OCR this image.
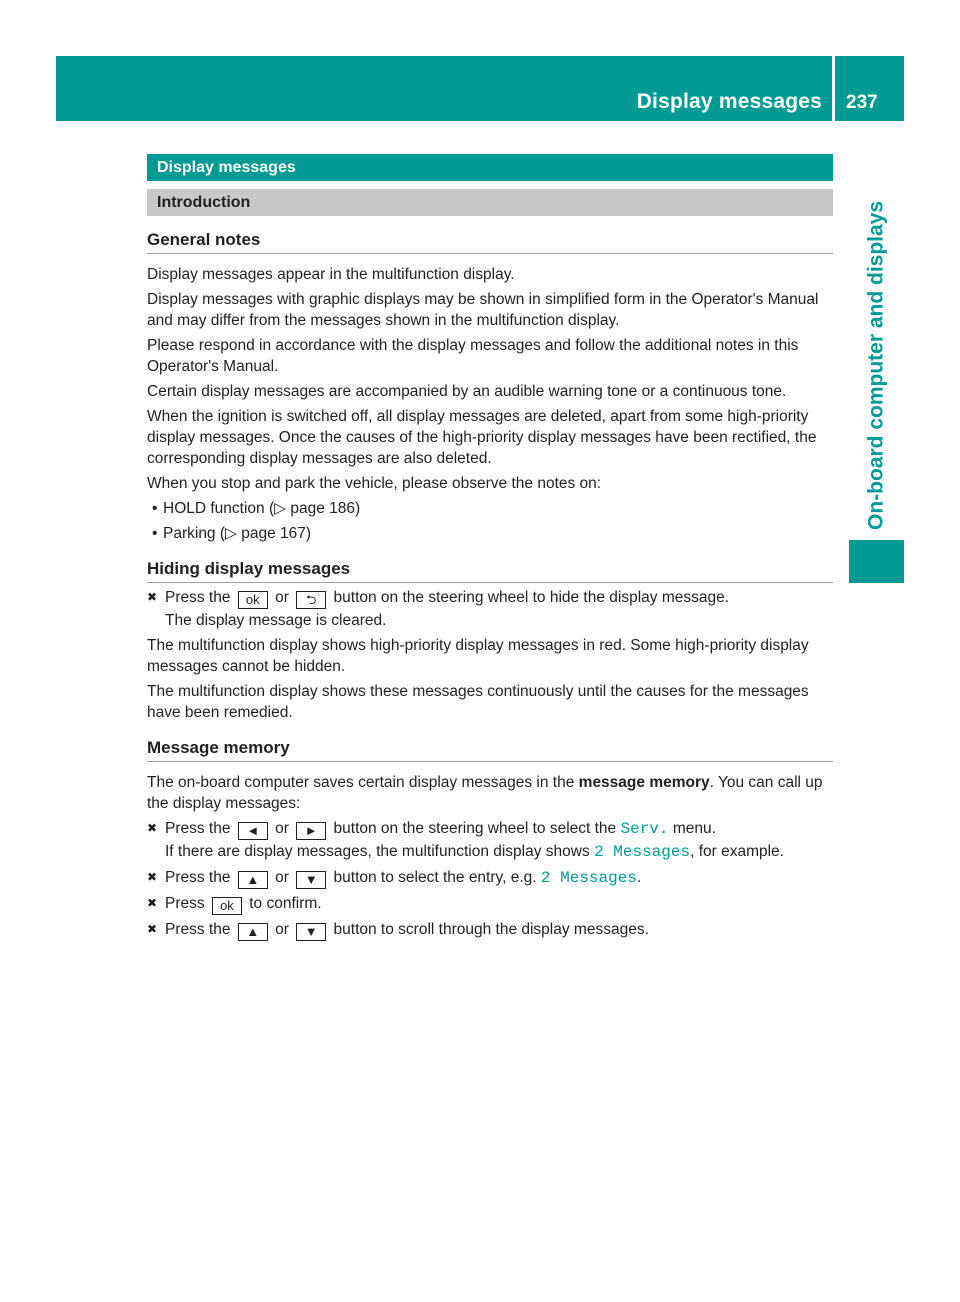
Display messages 237
On-board computer and displays
Display messages
Introduction
General notes

Display messages appear in the multifunction display.

Display messages with graphic displays may be shown in simplified form in the Operator's Manual and may differ from the messages shown in the multifunction display.

Please respond in accordance with the display messages and follow the additional notes in this Operator's Manual.

Certain display messages are accompanied by an audible warning tone or a continuous tone.

When the ignition is switched off, all display messages are deleted, apart from some high-priority display messages. Once the causes of the high-priority display messages have been rectified, the corresponding display messages are also deleted.

When you stop and park the vehicle, please observe the notes on:

• HOLD function (▷ page 186)
• Parking (▷ page 167)
Hiding display messages
✖ Press the ok or ⮌ button on the steering wheel to hide the display message.
The display message is cleared.

The multifunction display shows high-priority display messages in red. Some high-priority display messages cannot be hidden.

The multifunction display shows these messages continuously until the causes for the messages have been remedied.

Message memory

The on-board computer saves certain display messages in the message memory. You can call up the display messages:

✖ Press the ◄ or ► button on the steering wheel to select the Serv. menu.
If there are display messages, the multifunction display shows 2 Messages, for example.
✖ Press the ▲ or ▼ button to select the entry, e.g. 2 Messages.
✖ Press ok to confirm.
✖ Press the ▲ or ▼ button to scroll through the display messages.
